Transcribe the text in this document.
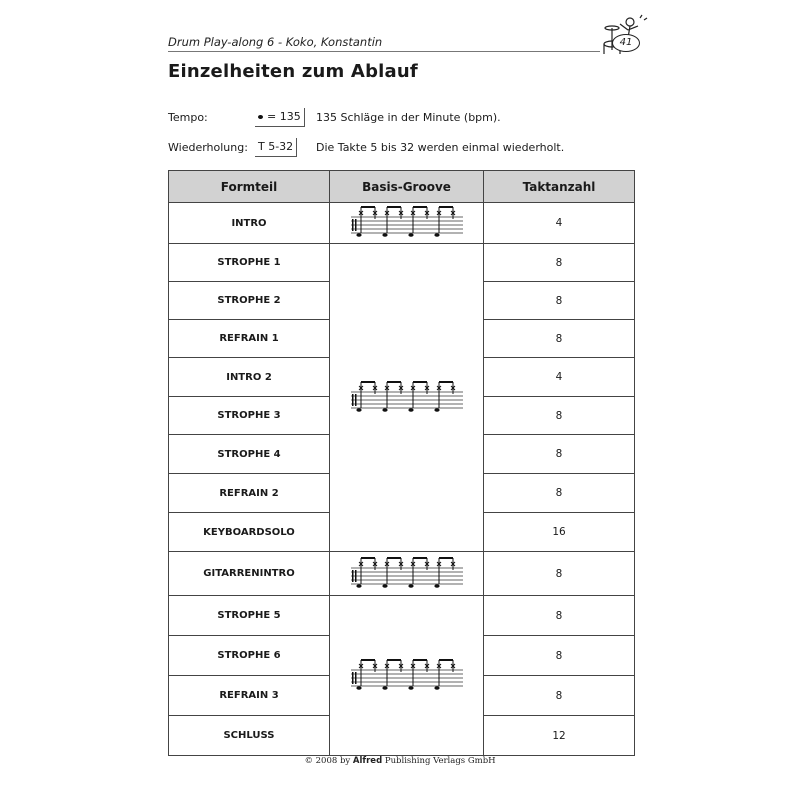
Drum Play-along 6 - Koko, Konstantin	41
Einzelheiten zum Ablauf
Tempo:	= 135	135 Schläge in der Minute (bpm).
Wiederholung: T 5-32	Die Takte 5 bis 32 werden einmal wiederholt.
Formteil	Basis-Groove	Taktanzahl
INTRO		4
STROPHE 1		8
STROPHE 2		8
REFRAIN 1		8
INTRO 2		4
STROPHE 3		8
STROPHE 4		8
REFRAIN 2		8
KEYBOARDSOLO		16
GITARRENINTRO		8
STROPHE 5		8
STROPHE 6		8
REFRAIN 3		8
SCHLUSS		12
© 2008 by Alfred Publishing Verlags GmbH
